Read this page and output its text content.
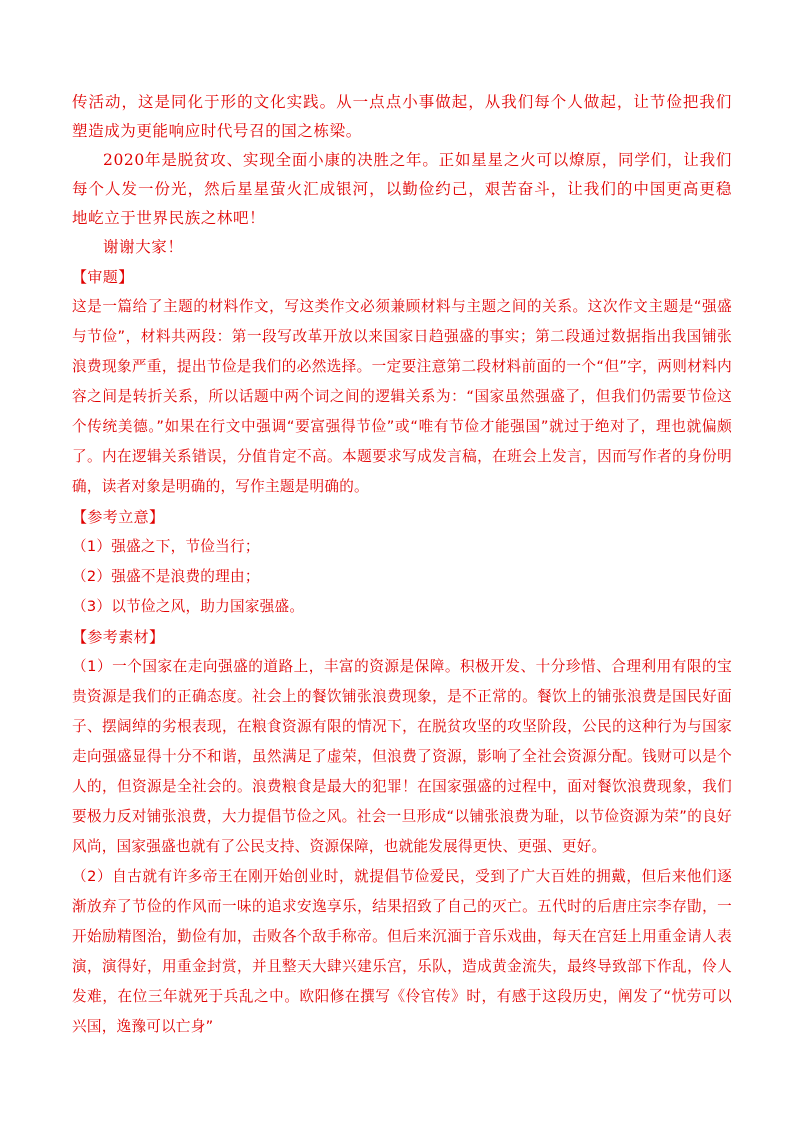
传活动，这是同化于形的文化实践。从一点点小事做起，从我们每个人做起，让节俭把我们塑造成为更能响应时代号召的国之栋梁。

2020年是脱贫攻、实现全面小康的决胜之年。正如星星之火可以燎原，同学们，让我们每个人发一份光，然后星星萤火汇成银河，以勤俭约己，艰苦奋斗，让我们的中国更高更稳地屹立于世界民族之林吧！

谢谢大家！

【审题】

这是一篇给了主题的材料作文，写这类作文必须兼顾材料与主题之间的关系。这次作文主题是“强盛与节俭”，材料共两段：第一段写改革开放以来国家日趋强盛的事实；第二段通过数据指出我国铺张浪费现象严重，提出节俭是我们的必然选择。一定要注意第二段材料前面的一个“但”字，两则材料内容之间是转折关系，所以话题中两个词之间的逻辑关系为：“国家虽然强盛了，但我们仍需要节俭这个传统美德。”如果在行文中强调“要富强得节俭”或“唯有节俭才能强国”就过于绝对了，理也就偏颇了。内在逻辑关系错误，分值肯定不高。本题要求写成发言稿，在班会上发言，因而写作者的身份明确，读者对象是明确的，写作主题是明确的。

【参考立意】

（1）强盛之下，节俭当行；
（2）强盛不是浪费的理由；
（3）以节俭之风，助力国家强盛。

【参考素材】

（1）一个国家在走向强盛的道路上，丰富的资源是保障。积极开发、十分珍惜、合理利用有限的宝贵资源是我们的正确态度。社会上的餐饮铺张浪费现象，是不正常的。餐饮上的铺张浪费是国民好面子、摆阔绰的劣根表现，在粮食资源有限的情况下，在脱贫攻坚的攻坚阶段，公民的这种行为与国家走向强盛显得十分不和谐，虽然满足了虚荣，但浪费了资源，影响了全社会资源分配。钱财可以是个人的，但资源是全社会的。浪费粮食是最大的犯罪！在国家强盛的过程中，面对餐饮浪费现象，我们要极力反对铺张浪费，大力提倡节俭之风。社会一旦形成“以铺张浪费为耻，以节俭资源为荣”的良好风尚，国家强盛也就有了公民支持、资源保障，也就能发展得更快、更强、更好。

（2）自古就有许多帝王在刚开始创业时，就提倡节俭爱民，受到了广大百姓的拥戴，但后来他们逐渐放弃了节俭的作风而一味的追求安逸享乐，结果招致了自己的灭亡。五代时的后唐庄宗李存勖，一开始励精图治，勤俭有加，击败各个敌手称帝。但后来沉湎于音乐戏曲，每天在宫廷上用重金请人表演，演得好，用重金封赏，并且整天大肆兴建乐宫，乐队，造成黄金流失，最终导致部下作乱，伶人发难，在位三年就死于兵乱之中。欧阳修在撰写《伶官传》时，有感于这段历史，阐发了“忧劳可以兴国，逸豫可以亡身”
